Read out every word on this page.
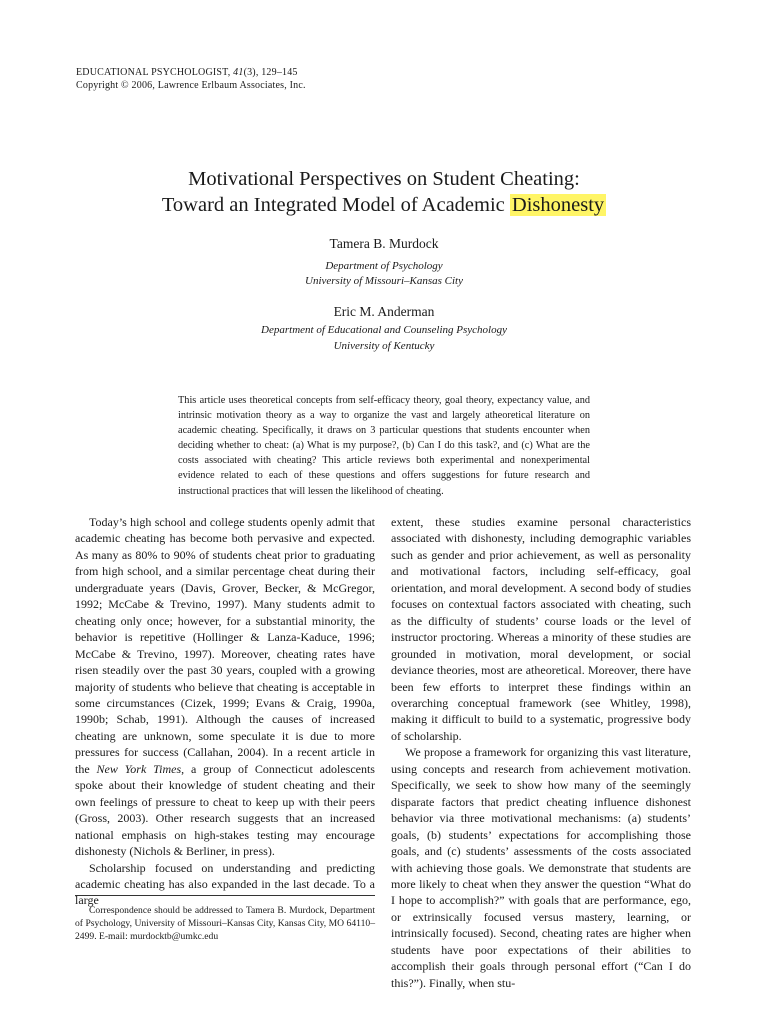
EDUCATIONAL PSYCHOLOGIST, 41(3), 129–145
Copyright © 2006, Lawrence Erlbaum Associates, Inc.
Motivational Perspectives on Student Cheating:
Toward an Integrated Model of Academic Dishonesty
Tamera B. Murdock
Department of Psychology
University of Missouri–Kansas City
Eric M. Anderman
Department of Educational and Counseling Psychology
University of Kentucky
This article uses theoretical concepts from self-efficacy theory, goal theory, expectancy value, and intrinsic motivation theory as a way to organize the vast and largely atheoretical literature on academic cheating. Specifically, it draws on 3 particular questions that students encounter when deciding whether to cheat: (a) What is my purpose?, (b) Can I do this task?, and (c) What are the costs associated with cheating? This article reviews both experimental and nonexperimental evidence related to each of these questions and offers suggestions for future research and instructional practices that will lessen the likelihood of cheating.

Today’s high school and college students openly admit that academic cheating has become both pervasive and expected. As many as 80% to 90% of students cheat prior to graduating from high school, and a similar percentage cheat during their undergraduate years (Davis, Grover, Becker, & McGregor, 1992; McCabe & Trevino, 1997). Many students admit to cheating only once; however, for a substantial minority, the behavior is repetitive (Hollinger & Lanza-Kaduce, 1996; McCabe & Trevino, 1997). Moreover, cheating rates have risen steadily over the past 30 years, coupled with a growing majority of students who believe that cheating is acceptable in some circumstances (Cizek, 1999; Evans & Craig, 1990a, 1990b; Schab, 1991). Although the causes of increased cheating are unknown, some speculate it is due to more pressures for success (Callahan, 2004). In a recent article in the New York Times, a group of Connecticut adolescents spoke about their knowledge of student cheating and their own feelings of pressure to cheat to keep up with their peers (Gross, 2003). Other research suggests that an increased national emphasis on high-stakes testing may encourage dishonesty (Nichols & Berliner, in press).

Scholarship focused on understanding and predicting academic cheating has also expanded in the last decade. To a large

extent, these studies examine personal characteristics associated with dishonesty, including demographic variables such as gender and prior achievement, as well as personality and motivational factors, including self-efficacy, goal orientation, and moral development. A second body of studies focuses on contextual factors associated with cheating, such as the difficulty of students’ course loads or the level of instructor proctoring. Whereas a minority of these studies are grounded in motivation, moral development, or social deviance theories, most are atheoretical. Moreover, there have been few efforts to interpret these findings within an overarching conceptual framework (see Whitley, 1998), making it difficult to build to a systematic, progressive body of scholarship.

We propose a framework for organizing this vast literature, using concepts and research from achievement motivation. Specifically, we seek to show how many of the seemingly disparate factors that predict cheating influence dishonest behavior via three motivational mechanisms: (a) students’ goals, (b) students’ expectations for accomplishing those goals, and (c) students’ assessments of the costs associated with achieving those goals. We demonstrate that students are more likely to cheat when they answer the question “What do I hope to accomplish?” with goals that are performance, ego, or extrinsically focused versus mastery, learning, or intrinsically focused). Second, cheating rates are higher when students have poor expectations of their abilities to accomplish their goals through personal effort (“Can I do this?”). Finally, when stu-

Correspondence should be addressed to Tamera B. Murdock, Department of Psychology, University of Missouri–Kansas City, Kansas City, MO 64110–2499. E-mail: murdocktb@umkc.edu
